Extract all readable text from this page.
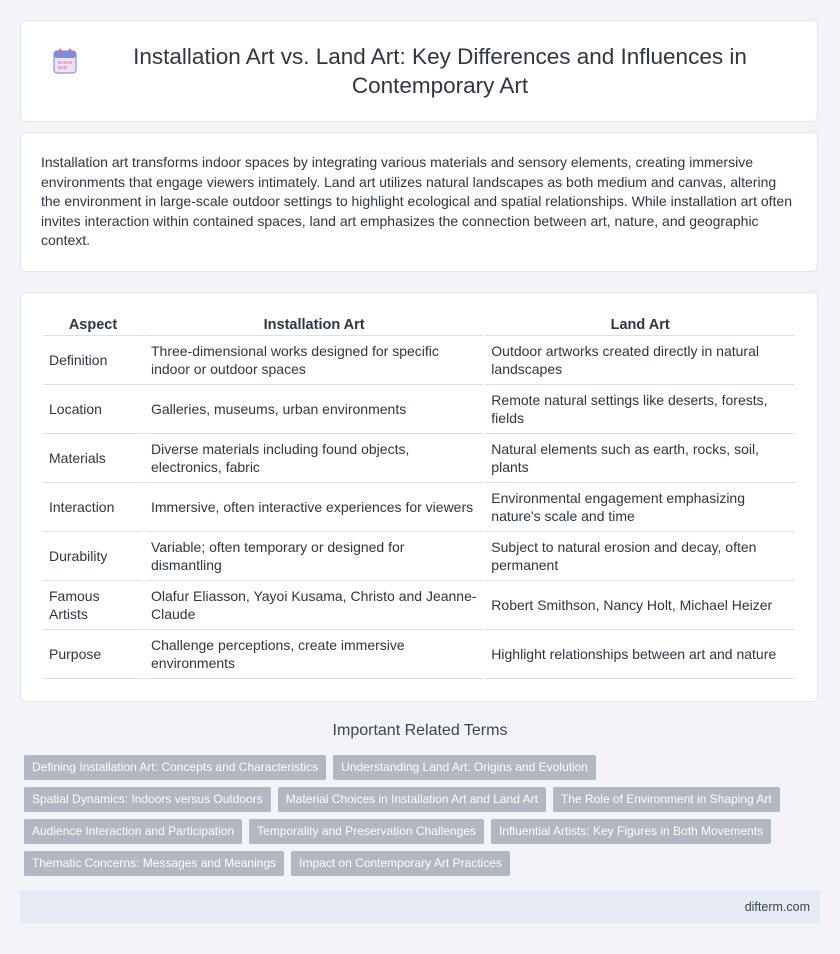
Installation Art vs. Land Art: Key Differences and Influences in Contemporary Art

Installation art transforms indoor spaces by integrating various materials and sensory elements, creating immersive environments that engage viewers intimately. Land art utilizes natural landscapes as both medium and canvas, altering the environment in large-scale outdoor settings to highlight ecological and spatial relationships. While installation art often invites interaction within contained spaces, land art emphasizes the connection between art, nature, and geographic context.

Aspect	Installation Art	Land Art
Definition	Three-dimensional works designed for specific indoor or outdoor spaces	Outdoor artworks created directly in natural landscapes
Location	Galleries, museums, urban environments	Remote natural settings like deserts, forests, fields
Materials	Diverse materials including found objects, electronics, fabric	Natural elements such as earth, rocks, soil, plants
Interaction	Immersive, often interactive experiences for viewers	Environmental engagement emphasizing nature's scale and time
Durability	Variable; often temporary or designed for dismantling	Subject to natural erosion and decay, often permanent
Famous Artists	Olafur Eliasson, Yayoi Kusama, Christo and Jeanne-Claude	Robert Smithson, Nancy Holt, Michael Heizer
Purpose	Challenge perceptions, create immersive environments	Highlight relationships between art and nature
Important Related Terms
Defining Installation Art: Concepts and Characteristics	Understanding Land Art: Origins and Evolution
Spatial Dynamics: Indoors versus Outdoors	Material Choices in Installation Art and Land Art	The Role of Environment in Shaping Art
Audience Interaction and Participation	Temporality and Preservation Challenges	Influential Artists: Key Figures in Both Movements
Thematic Concerns: Messages and Meanings	Impact on Contemporary Art Practices
difterm.com
